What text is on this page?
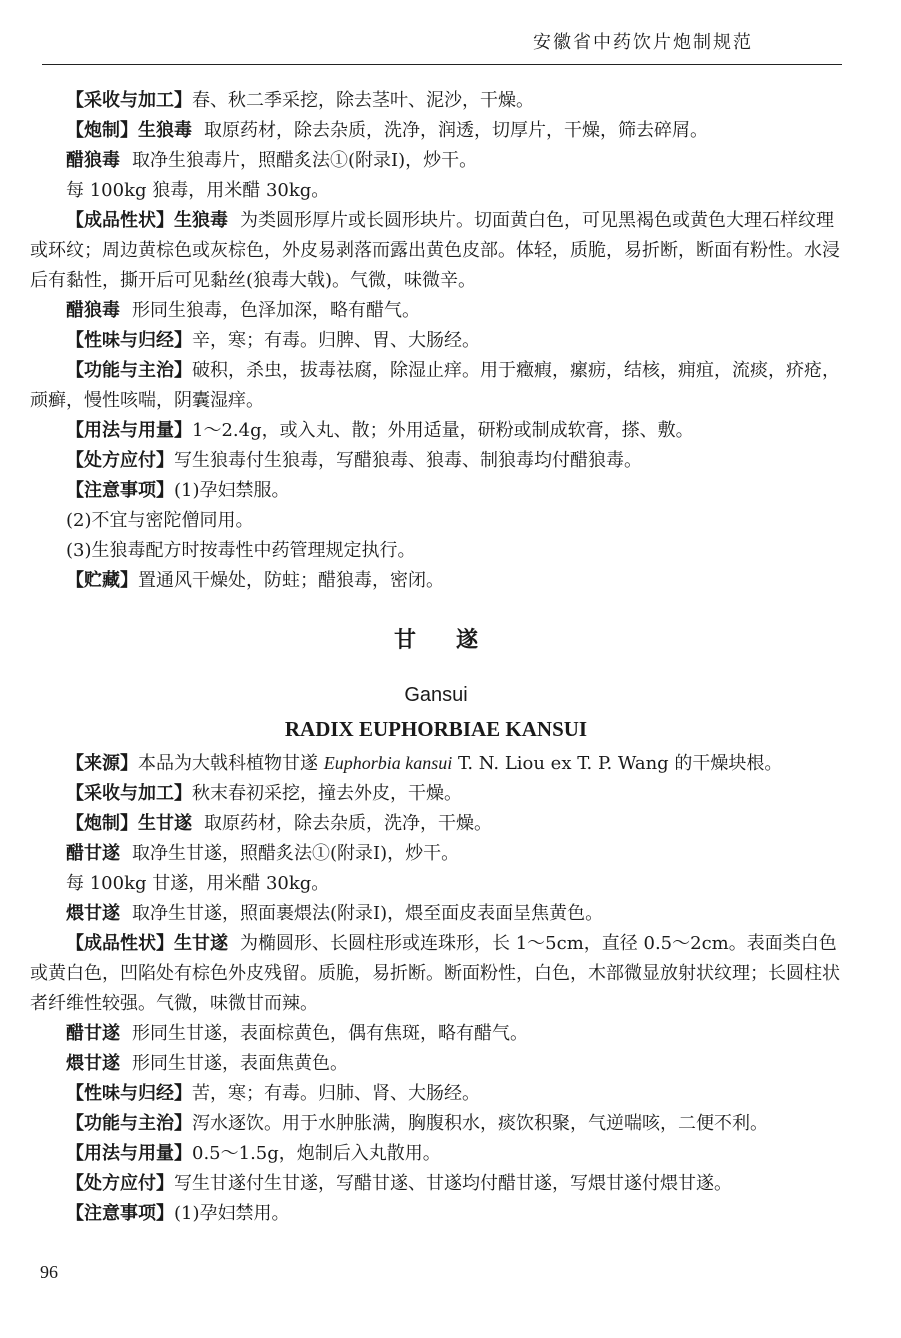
安徽省中药饮片炮制规范

【采收与加工】春、秋二季采挖，除去茎叶、泥沙，干燥。

【炮制】生狼毒 取原药材，除去杂质，洗净，润透，切厚片，干燥，筛去碎屑。

醋狼毒 取净生狼毒片，照醋炙法①(附录Ⅰ)，炒干。

每 100kg 狼毒，用米醋 30kg。

【成品性状】生狼毒 为类圆形厚片或长圆形块片。切面黄白色，可见黑褐色或黄色大理石样纹理或环纹；周边黄棕色或灰棕色，外皮易剥落而露出黄色皮部。体轻，质脆，易折断，断面有粉性。水浸后有黏性，撕开后可见黏丝(狼毒大戟)。气微，味微辛。

醋狼毒 形同生狼毒，色泽加深，略有醋气。

【性味与归经】辛，寒；有毒。归脾、胃、大肠经。

【功能与主治】破积，杀虫，拔毒祛腐，除湿止痒。用于癥瘕，瘰疬，结核，痈疽，流痰，疥疮，顽癣，慢性咳喘，阴囊湿痒。

【用法与用量】1～2.4g，或入丸、散；外用适量，研粉或制成软膏，搽、敷。

【处方应付】写生狼毒付生狼毒，写醋狼毒、狼毒、制狼毒均付醋狼毒。

【注意事项】(1)孕妇禁服。

(2)不宜与密陀僧同用。

(3)生狼毒配方时按毒性中药管理规定执行。

【贮藏】置通风干燥处，防蛀；醋狼毒，密闭。

甘遂
Gansui
RADIX EUPHORBIAE KANSUI

【来源】本品为大戟科植物甘遂 Euphorbia kansui T. N. Liou ex T. P. Wang 的干燥块根。

【采收与加工】秋末春初采挖，撞去外皮，干燥。

【炮制】生甘遂 取原药材，除去杂质，洗净，干燥。

醋甘遂 取净生甘遂，照醋炙法①(附录Ⅰ)，炒干。

每 100kg 甘遂，用米醋 30kg。

煨甘遂 取净生甘遂，照面裹煨法(附录Ⅰ)，煨至面皮表面呈焦黄色。

【成品性状】生甘遂 为椭圆形、长圆柱形或连珠形，长 1～5cm，直径 0.5～2cm。表面类白色或黄白色，凹陷处有棕色外皮残留。质脆，易折断。断面粉性，白色，木部微显放射状纹理；长圆柱状者纤维性较强。气微，味微甘而辣。

醋甘遂 形同生甘遂，表面棕黄色，偶有焦斑，略有醋气。

煨甘遂 形同生甘遂，表面焦黄色。

【性味与归经】苦，寒；有毒。归肺、肾、大肠经。

【功能与主治】泻水逐饮。用于水肿胀满，胸腹积水，痰饮积聚，气逆喘咳，二便不利。

【用法与用量】0.5～1.5g，炮制后入丸散用。

【处方应付】写生甘遂付生甘遂，写醋甘遂、甘遂均付醋甘遂，写煨甘遂付煨甘遂。

【注意事项】(1)孕妇禁用。

96
